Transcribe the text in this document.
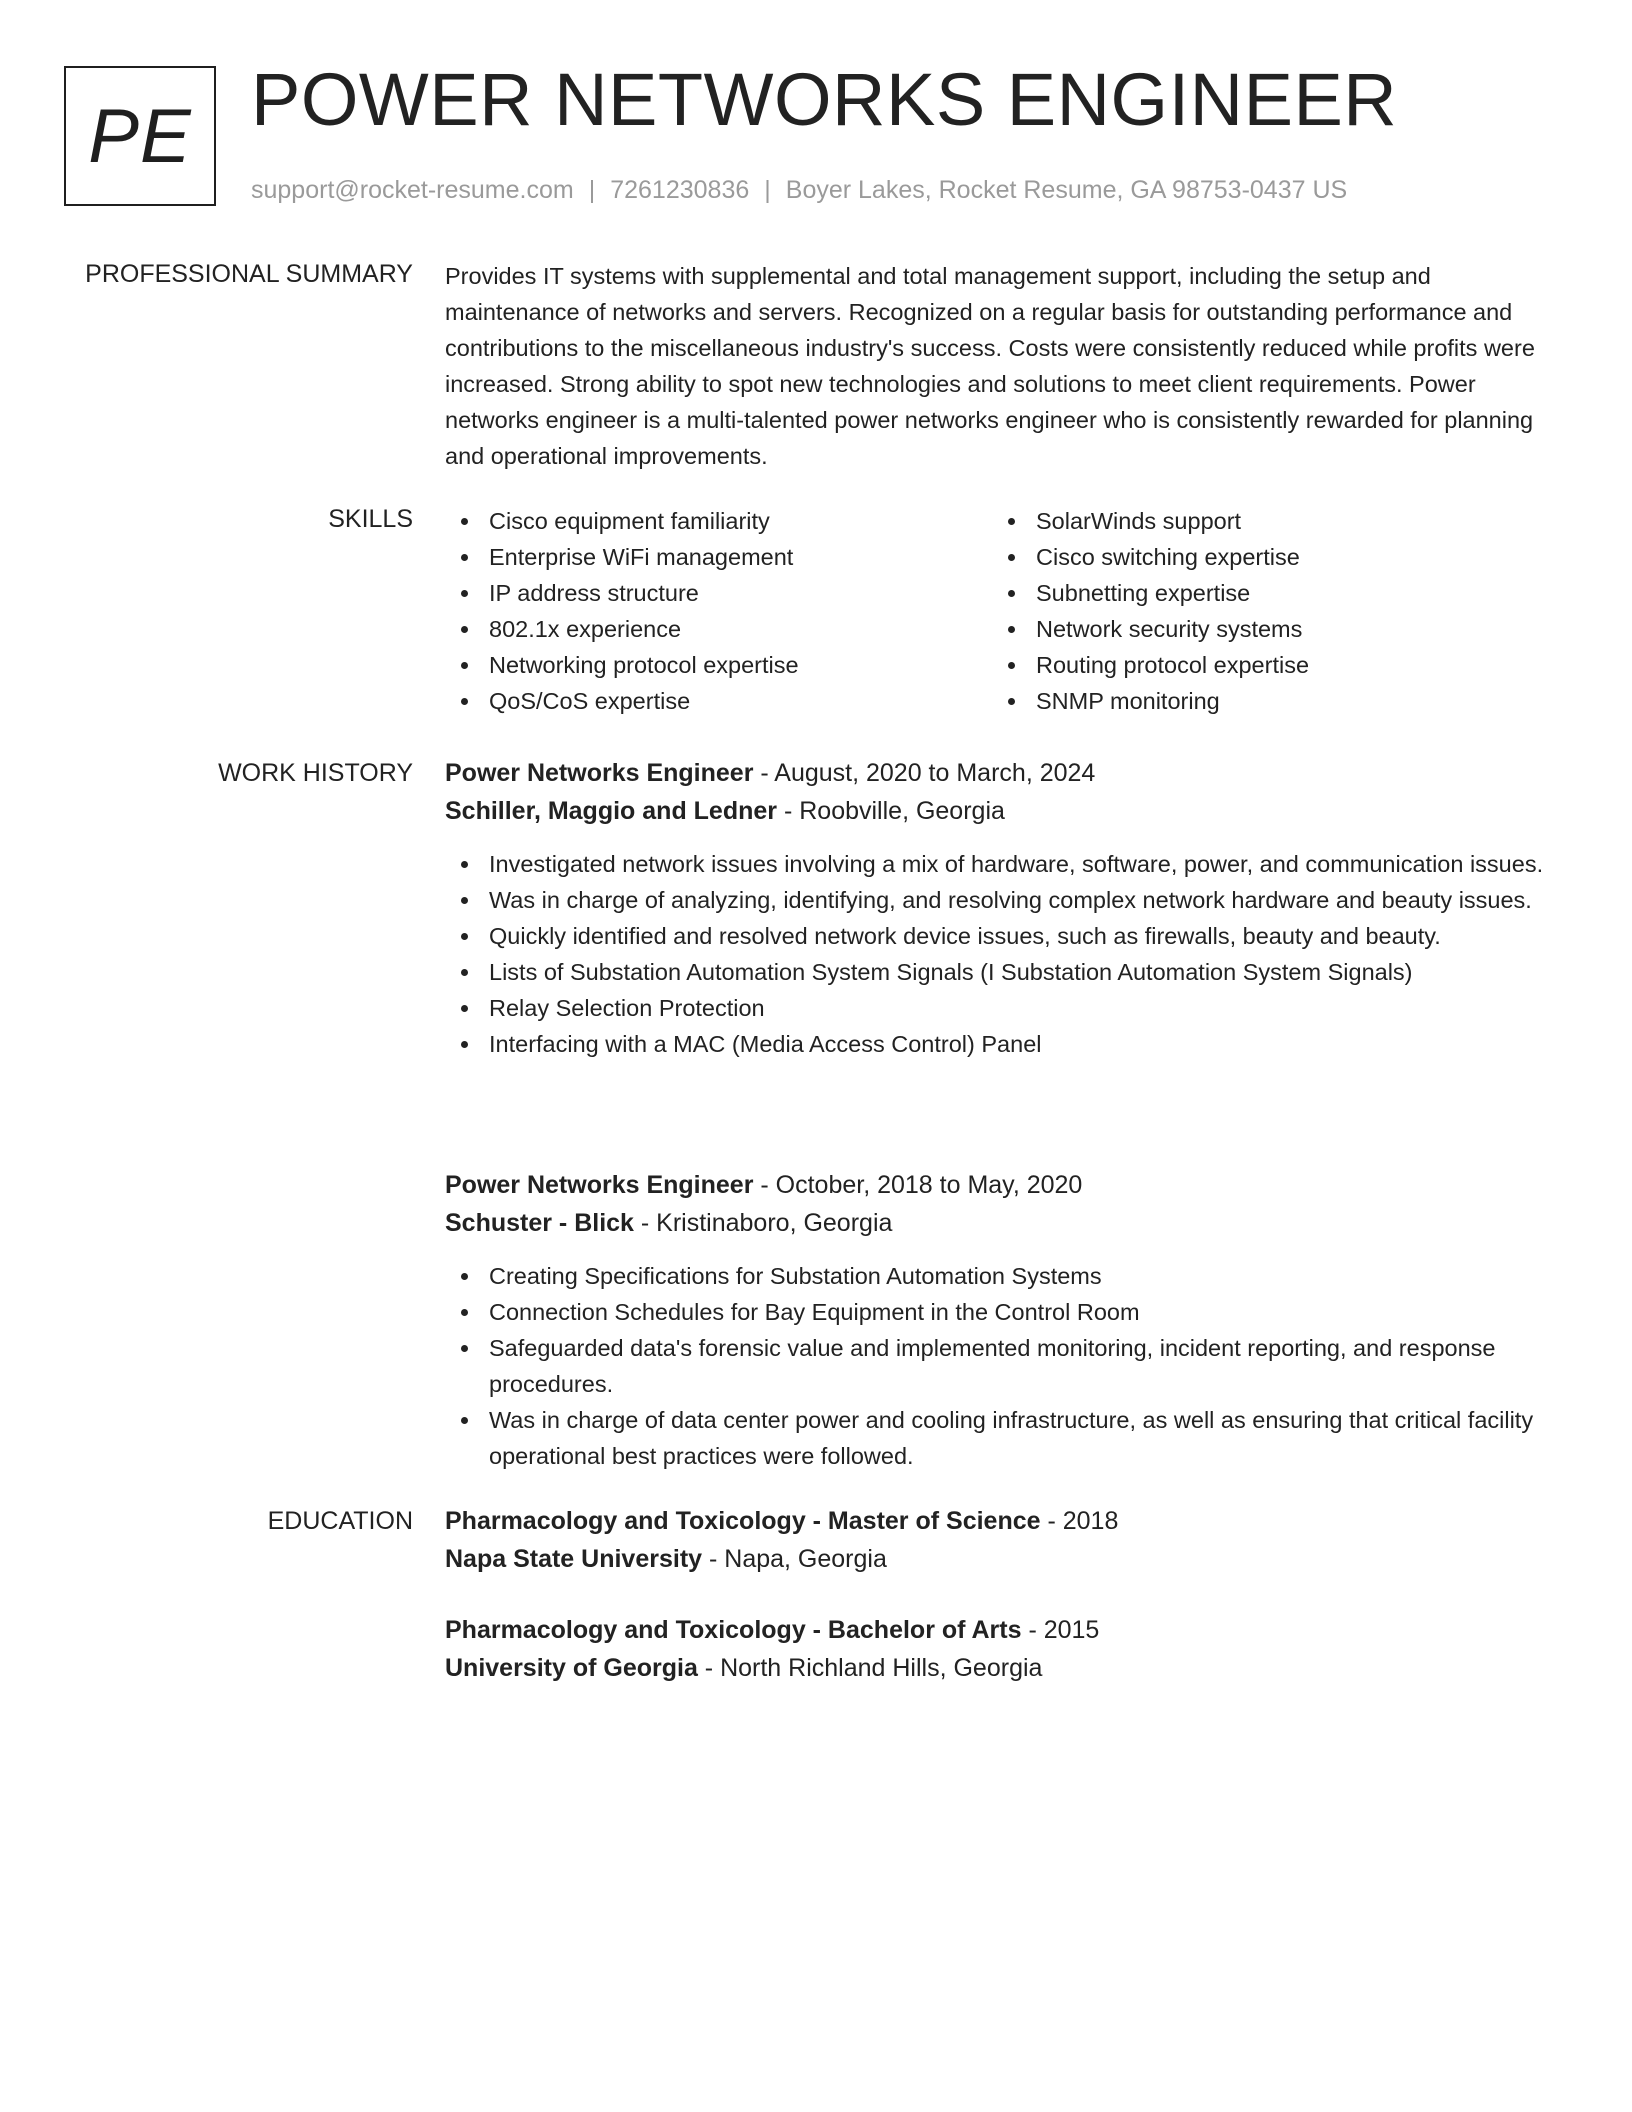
PE POWER NETWORKS ENGINEER
support@rocket-resume.com | 7261230836 | Boyer Lakes, Rocket Resume, GA 98753-0437 US
PROFESSIONAL SUMMARY Provides IT systems with supplemental and total management support, including the setup and maintenance of networks and servers. Recognized on a regular basis for outstanding performance and contributions to the miscellaneous industry's success. Costs were consistently reduced while profits were increased. Strong ability to spot new technologies and solutions to meet client requirements. Power networks engineer is a multi-talented power networks engineer who is consistently rewarded for planning and operational improvements.

SKILLS	Cisco equipment familiarity
Enterprise WiFi management
IP address structure
802.1x experience
Networking protocol expertise
QoS/CoS expertise
SolarWinds support
Cisco switching expertise
Subnetting expertise
Network security systems
Routing protocol expertise
SNMP monitoring
WORK HISTORY Power Networks Engineer - August, 2020 to March, 2024
Schiller, Maggio and Ledner - Roobville, Georgia
Investigated network issues involving a mix of hardware, software, power, and communication issues.
Was in charge of analyzing, identifying, and resolving complex network hardware and beauty issues.
Quickly identified and resolved network device issues, such as firewalls, beauty and beauty.
Lists of Substation Automation System Signals (I Substation Automation System Signals)
Relay Selection Protection
Interfacing with a MAC (Media Access Control) Panel
Power Networks Engineer - October, 2018 to May, 2020
Schuster - Blick - Kristinaboro, Georgia
Creating Specifications for Substation Automation Systems
Connection Schedules for Bay Equipment in the Control Room
Safeguarded data's forensic value and implemented monitoring, incident reporting, and response procedures.
Was in charge of data center power and cooling infrastructure, as well as ensuring that critical facility operational best practices were followed.
EDUCATION Pharmacology and Toxicology - Master of Science - 2018
Napa State University - Napa, Georgia
Pharmacology and Toxicology - Bachelor of Arts - 2015
University of Georgia - North Richland Hills, Georgia
